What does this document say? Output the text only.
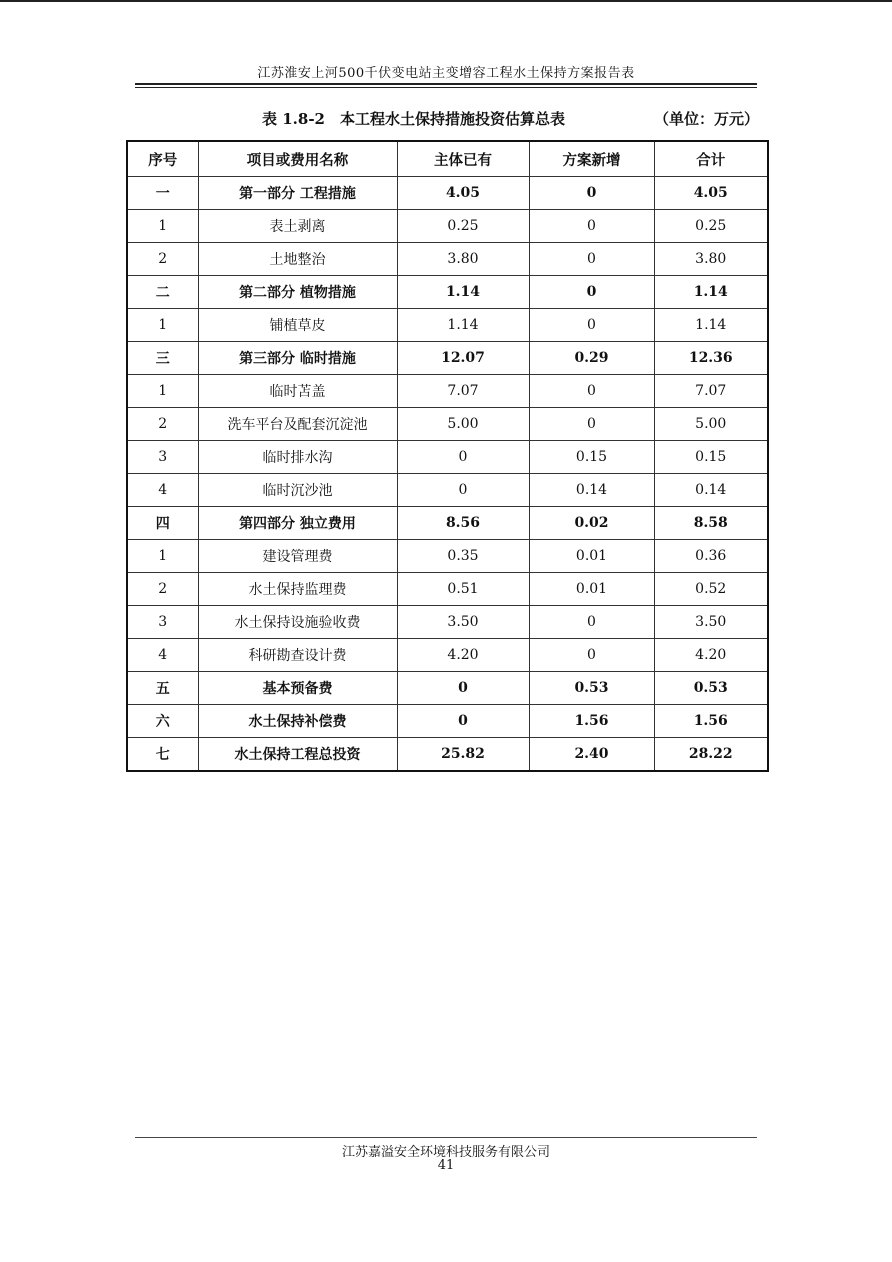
江苏淮安上河500千伏变电站主变增容工程水土保持方案报告表
表 1.8-2　本工程水土保持措施投资估算总表	（单位：万元）
序号	项目或费用名称	主体已有	方案新增	合计
一	第一部分 工程措施	4.05	0	4.05
1	表土剥离	0.25	0	0.25
2	土地整治	3.80	0	3.80
二	第二部分 植物措施	1.14	0	1.14
1	铺植草皮	1.14	0	1.14
三	第三部分 临时措施	12.07	0.29	12.36
1	临时苫盖	7.07	0	7.07
2	洗车平台及配套沉淀池	5.00	0	5.00
3	临时排水沟	0	0.15	0.15
4	临时沉沙池	0	0.14	0.14
四	第四部分 独立费用	8.56	0.02	8.58
1	建设管理费	0.35	0.01	0.36
2	水土保持监理费	0.51	0.01	0.52
3	水土保持设施验收费	3.50	0	3.50
4	科研勘查设计费	4.20	0	4.20
五	基本预备费	0	0.53	0.53
六	水土保持补偿费	0	1.56	1.56
七	水土保持工程总投资	25.82	2.40	28.22
江苏嘉溢安全环境科技服务有限公司
41
